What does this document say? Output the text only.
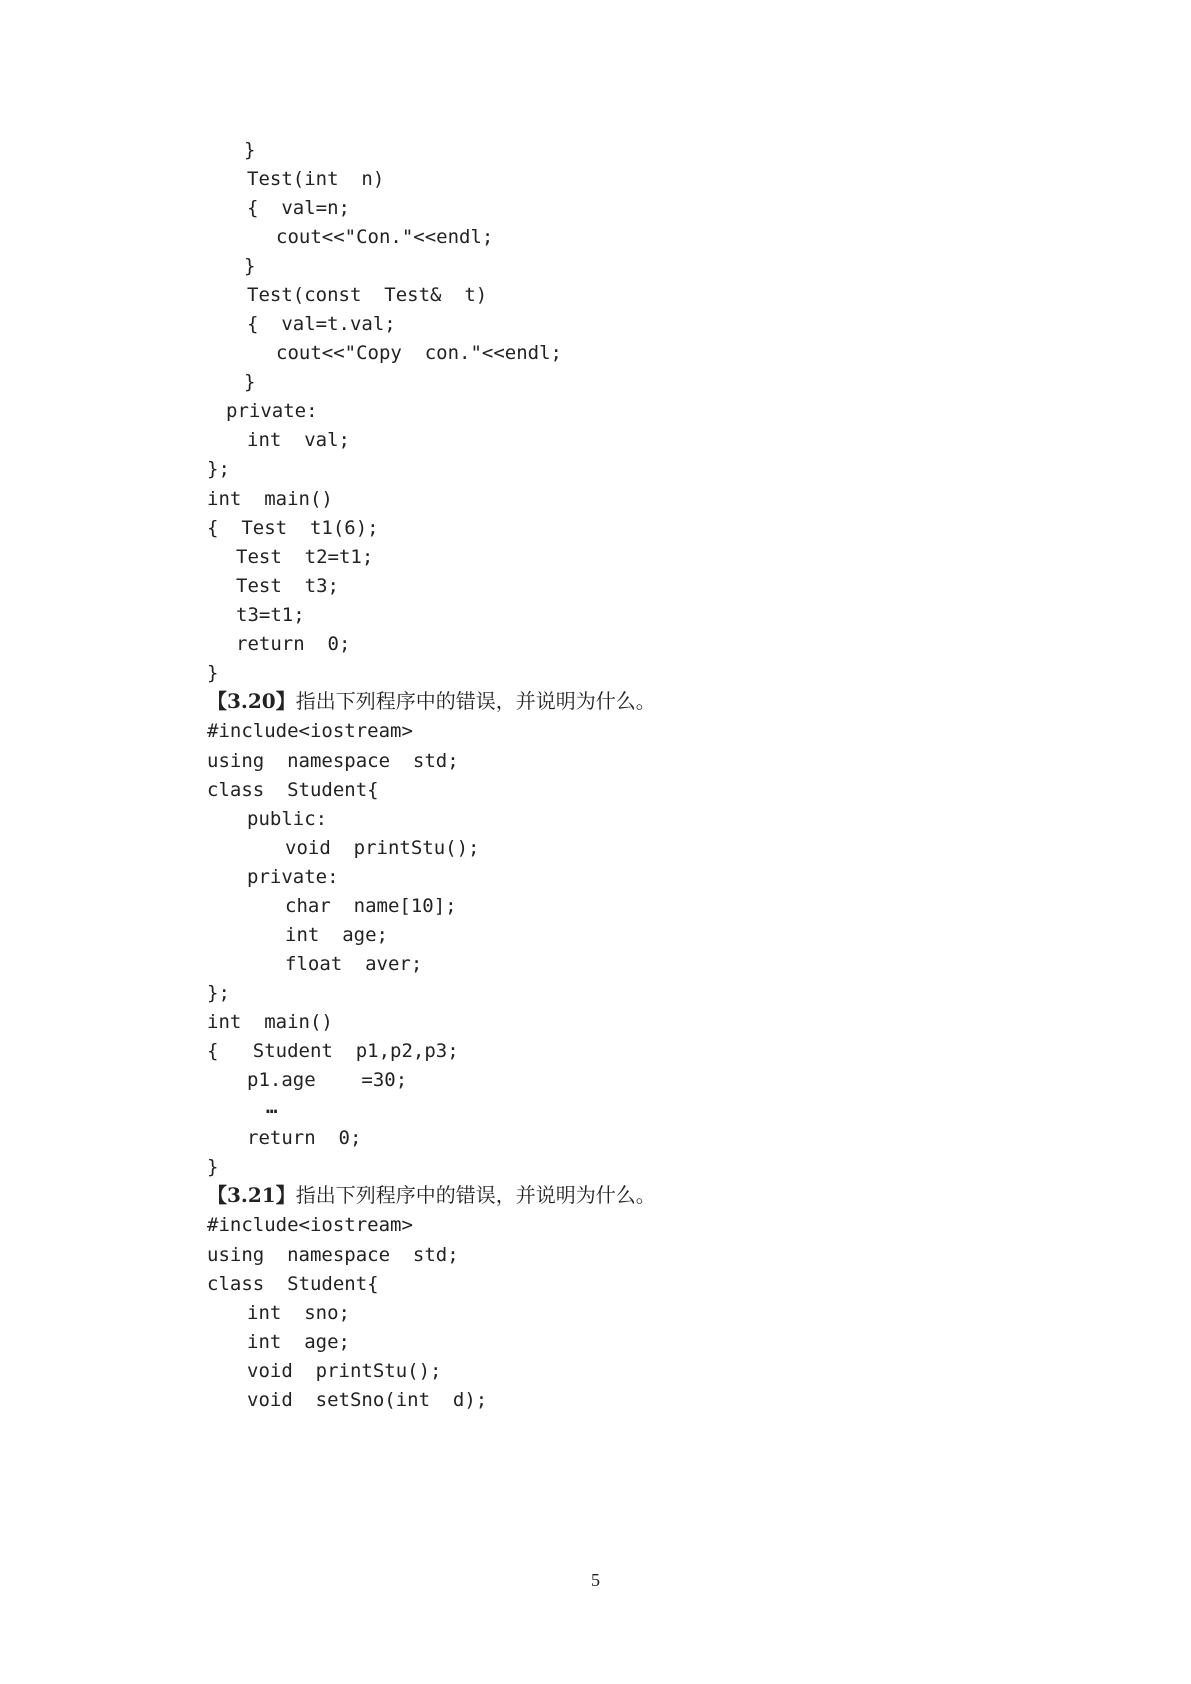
}
Test(int  n)
{  val=n;
cout<<"Con."<<endl;
}
Test(const  Test&  t)
{  val=t.val;
cout<<"Copy  con."<<endl;
}
private:
int  val;
};
int  main()
{  Test  t1(6);
Test  t2=t1;
Test  t3;
t3=t1;
return  0;
}
【3.20】指出下列程序中的错误，并说明为什么。
#include<iostream>
using  namespace  std;
class  Student{
public:
void  printStu();
private:
char  name[10];
int  age;
float  aver;
};
int  main()
{   Student  p1,p2,p3;
p1.age    =30;
…
return  0;
}
【3.21】指出下列程序中的错误，并说明为什么。
#include<iostream>
using  namespace  std;
class  Student{
int  sno;
int  age;
void  printStu();
void  setSno(int  d);
5
